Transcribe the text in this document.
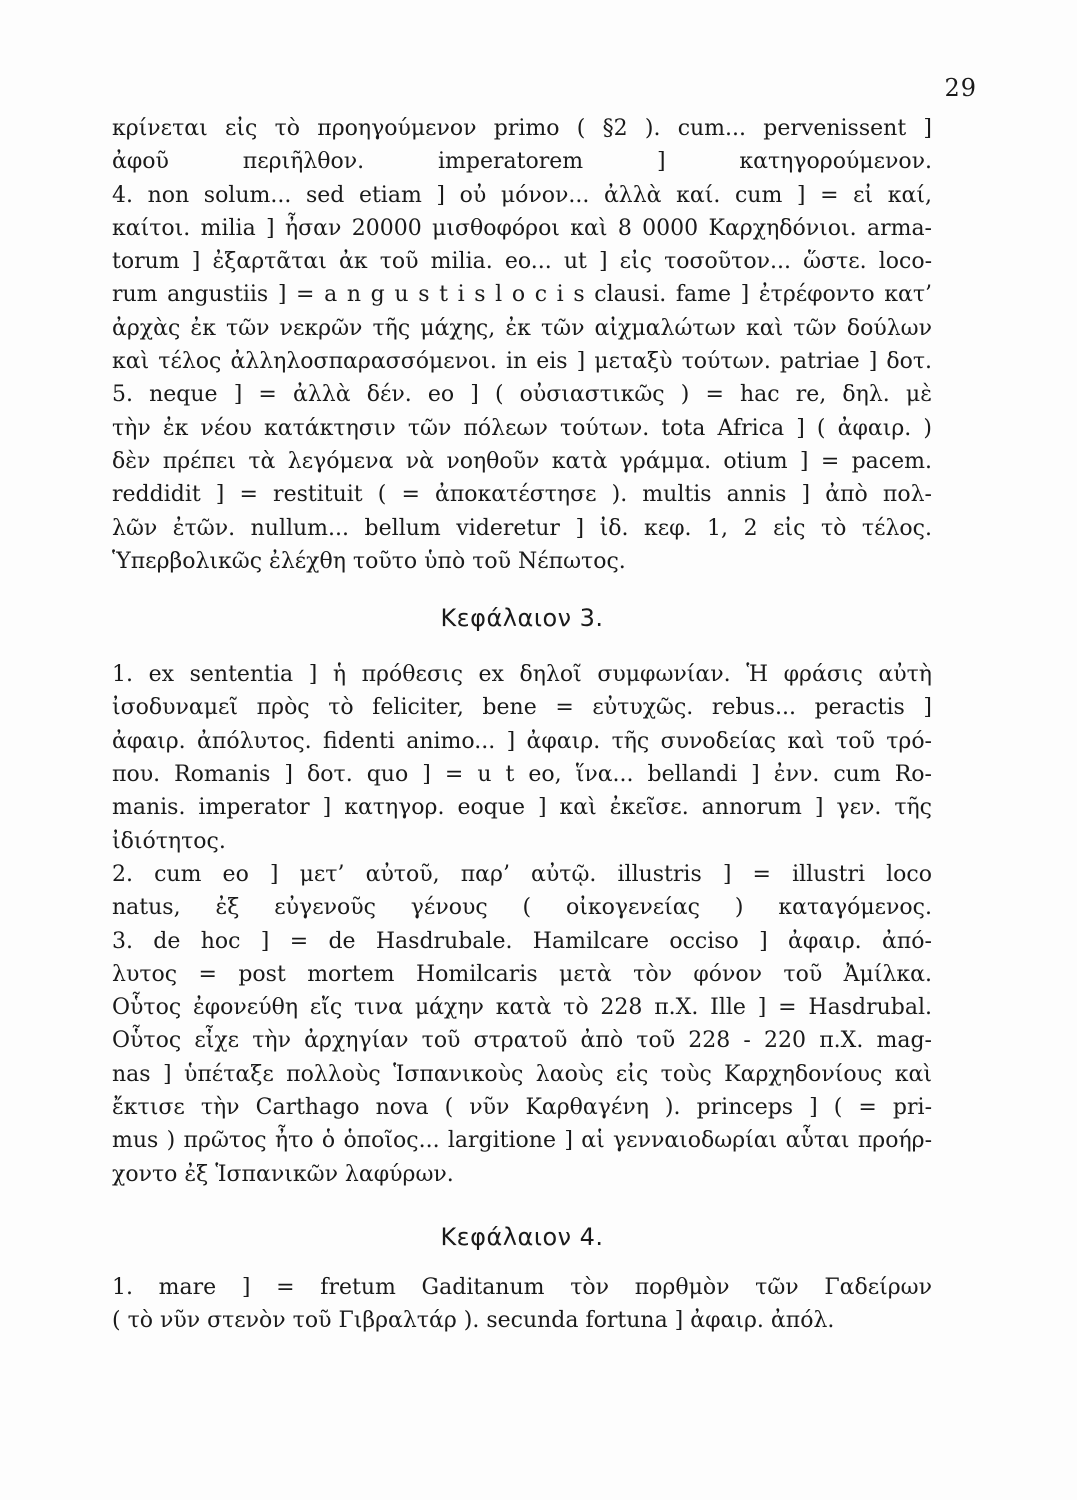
29

κρίνεται εἰς τὸ προηγούμενον primo ( §2 ). cum... pervenissent ]

ἀφοῦ περιῆλθον. imperatorem ] κατηγορούμενον.

4. non solum... sed etiam ] οὐ μόνον... ἀλλὰ καί. cum ] = εἰ καί,

καίτοι. milia ] ἦσαν 20000 μισθοφόροι καὶ 8 0000 Καρχηδόνιοι. arma-

torum ] ἐξαρτᾶται ἀκ τοῦ milia. eo... ut ] εἰς τοσοῦτον... ὥστε. loco-

rum angustiis ] = a n g u s t i s l o c i s clausi. fame ] ἐτρέφοντο κατ’

ἀρχὰς ἐκ τῶν νεκρῶν τῆς μάχης, ἐκ τῶν αἰχμαλώτων καὶ τῶν δούλων

καὶ τέλος ἀλληλοσπαρασσόμενοι. in eis ] μεταξὺ τούτων. patriae ] δοτ.

5. neque ] = ἀλλὰ δέν. eo ] ( οὐσιαστικῶς ) = hac re, δηλ. μὲ

τὴν ἐκ νέου κατάκτησιν τῶν πόλεων τούτων. tota Africa ] ( ἀφαιρ. )

δὲν πρέπει τὰ λεγόμενα νὰ νοηθοῦν κατὰ γράμμα. otium ] = pacem.

reddidit ] = restituit ( = ἀποκατέστησε ). multis annis ] ἀπὸ πολ-

λῶν ἐτῶν. nullum... bellum videretur ] ἰδ. κεφ. 1, 2 εἰς τὸ τέλος.

Ὑπερβολικῶς ἐλέχθη τοῦτο ὑπὸ τοῦ Νέπωτος.

Κεφάλαιον 3.

1. ex sententia ] ἡ πρόθεσις ex δηλοῖ συμφωνίαν. Ἡ φράσις αὐτὴ

ἰσοδυναμεῖ πρὸς τὸ feliciter, bene = εὐτυχῶς. rebus... peractis ]

ἀφαιρ. ἀπόλυτος. fidenti animo... ] ἀφαιρ. τῆς συνοδείας καὶ τοῦ τρό-

που. Romanis ] δοτ. quo ] = u t eo, ἵνα... bellandi ] ἐνν. cum Ro-

manis. imperator ] κατηγορ. eoque ] καὶ ἐκεῖσε. annorum ] γεν. τῆς

ἰδιότητος.

2. cum eo ] μετ’ αὐτοῦ, παρ’ αὐτῷ. illustris ] = illustri loco

natus, ἐξ εὐγενοῦς γένους ( οἰκογενείας ) καταγόμενος.

3. de hoc ] = de Hasdrubale. Hamilcare occiso ] ἀφαιρ. ἀπό-

λυτος = post mortem Homilcaris μετὰ τὸν φόνον τοῦ Ἀμίλκα.

Οὗτος ἐφονεύθη εἴς τινα μάχην κατὰ τὸ 228 π.Χ. Ille ] = Hasdrubal.

Οὗτος εἶχε τὴν ἀρχηγίαν τοῦ στρατοῦ ἀπὸ τοῦ 228 - 220 π.Χ. mag-

nas ] ὑπέταξε πολλοὺς Ἱσπανικοὺς λαοὺς εἰς τοὺς Καρχηδονίους καὶ

ἔκτισε τὴν Carthago nova ( νῦν Καρθαγένη ). princeps ] ( = pri-

mus ) πρῶτος ἦτο ὁ ὁποῖος... largitione ] αἱ γενναιοδωρίαι αὗται προήρ-

χοντο ἐξ Ἱσπανικῶν λαφύρων.

Κεφάλαιον 4.

1. mare ] = fretum Gaditanum τὸν πορθμὸν τῶν Γαδείρων

( τὸ νῦν στενὸν τοῦ Γιβραλτάρ ). secunda fortuna ] ἀφαιρ. ἀπόλ.
